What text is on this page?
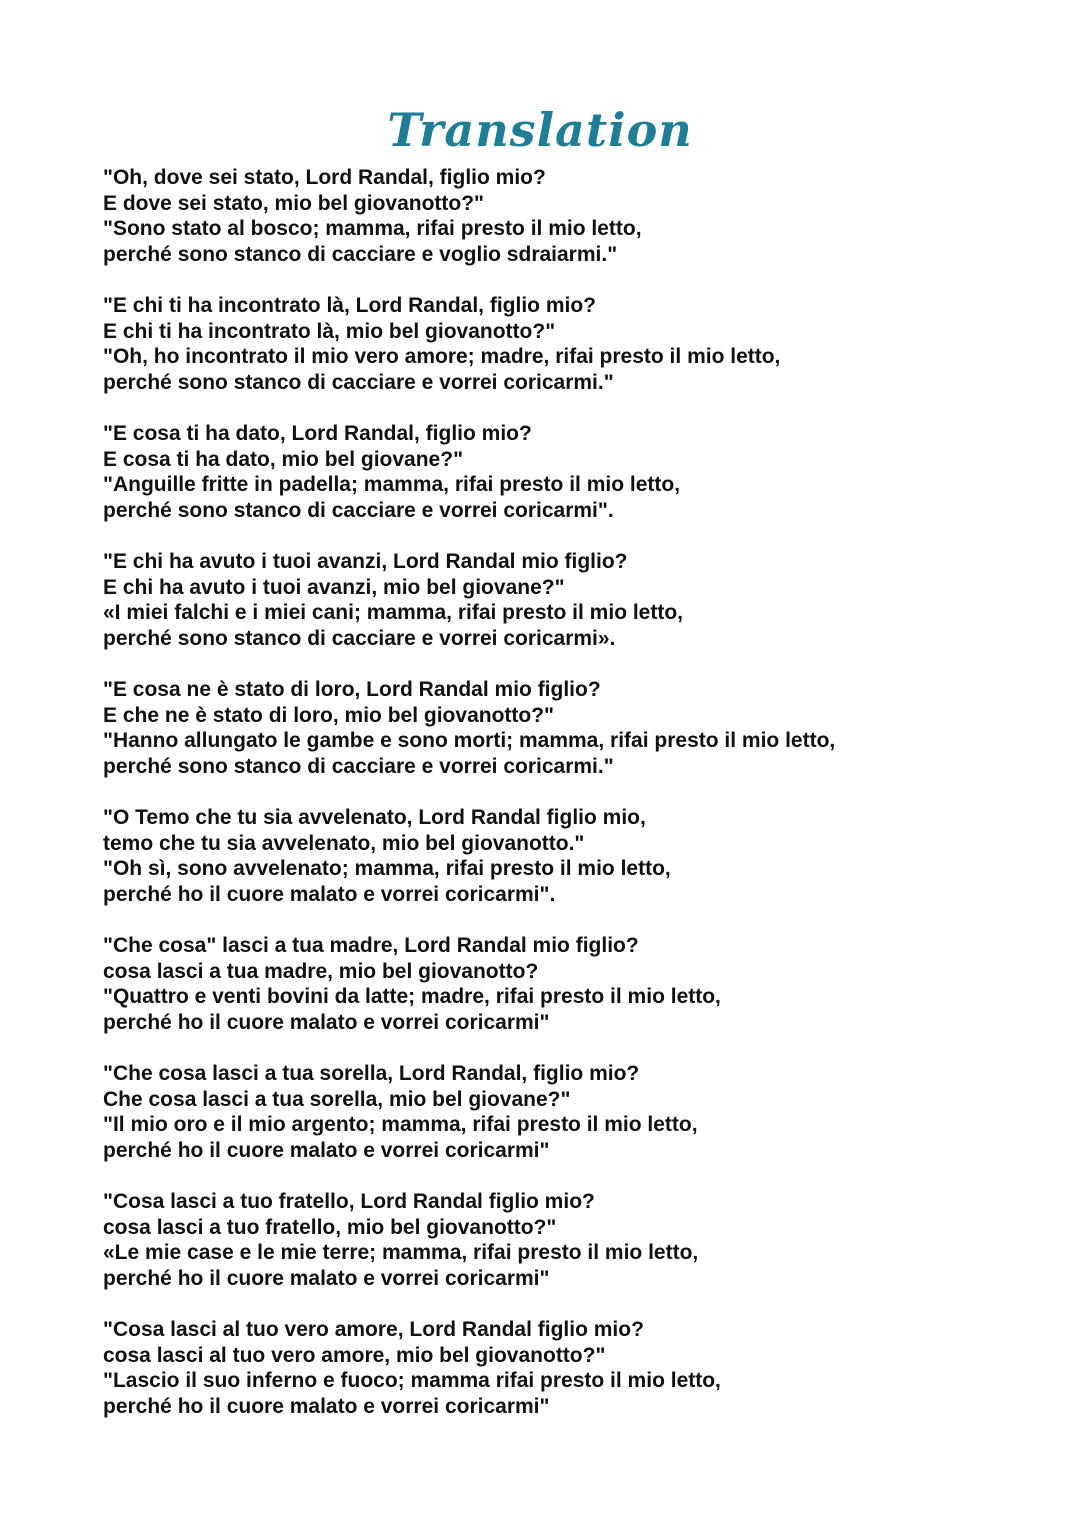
Translation

"Oh, dove sei stato, Lord Randal, figlio mio?
E dove sei stato, mio bel giovanotto?"
"Sono stato al bosco; mamma, rifai presto il mio letto,
perché sono stanco di cacciare e voglio sdraiarmi."

"E chi ti ha incontrato là, Lord Randal, figlio mio?
E chi ti ha incontrato là, mio bel giovanotto?"
"Oh, ho incontrato il mio vero amore; madre, rifai presto il mio letto,
perché sono stanco di cacciare e vorrei coricarmi."

"E cosa ti ha dato, Lord Randal, figlio mio?
E cosa ti ha dato, mio bel giovane?"
"Anguille fritte in padella; mamma, rifai presto il mio letto,
perché sono stanco di cacciare e vorrei coricarmi".

"E chi ha avuto i tuoi avanzi, Lord Randal mio figlio?
E chi ha avuto i tuoi avanzi, mio bel giovane?"
«I miei falchi e i miei cani; mamma, rifai presto il mio letto,
perché sono stanco di cacciare e vorrei coricarmi».

"E cosa ne è stato di loro, Lord Randal mio figlio?
E che ne è stato di loro, mio bel giovanotto?"
"Hanno allungato le gambe e sono morti; mamma, rifai presto il mio letto,
perché sono stanco di cacciare e vorrei coricarmi."

"O Temo che tu sia avvelenato, Lord Randal figlio mio,
temo che tu sia avvelenato, mio bel giovanotto."
"Oh sì, sono avvelenato; mamma, rifai presto il mio letto,
perché ho il cuore malato e vorrei coricarmi".

"Che cosa" lasci a tua madre, Lord Randal mio figlio?
cosa lasci a tua madre, mio bel giovanotto?
"Quattro e venti bovini da latte; madre, rifai presto il mio letto,
perché ho il cuore malato e vorrei coricarmi"

"Che cosa lasci a tua sorella, Lord Randal, figlio mio?
Che cosa lasci a tua sorella, mio bel giovane?"
"Il mio oro e il mio argento; mamma, rifai presto il mio letto,
perché ho il cuore malato e vorrei coricarmi"

"Cosa lasci a tuo fratello, Lord Randal figlio mio?
cosa lasci a tuo fratello, mio bel giovanotto?"
«Le mie case e le mie terre; mamma, rifai presto il mio letto,
perché ho il cuore malato e vorrei coricarmi"

"Cosa lasci al tuo vero amore, Lord Randal figlio mio?
cosa lasci al tuo vero amore, mio bel giovanotto?"
"Lascio il suo inferno e fuoco; mamma rifai presto il mio letto,
perché ho il cuore malato e vorrei coricarmi"
